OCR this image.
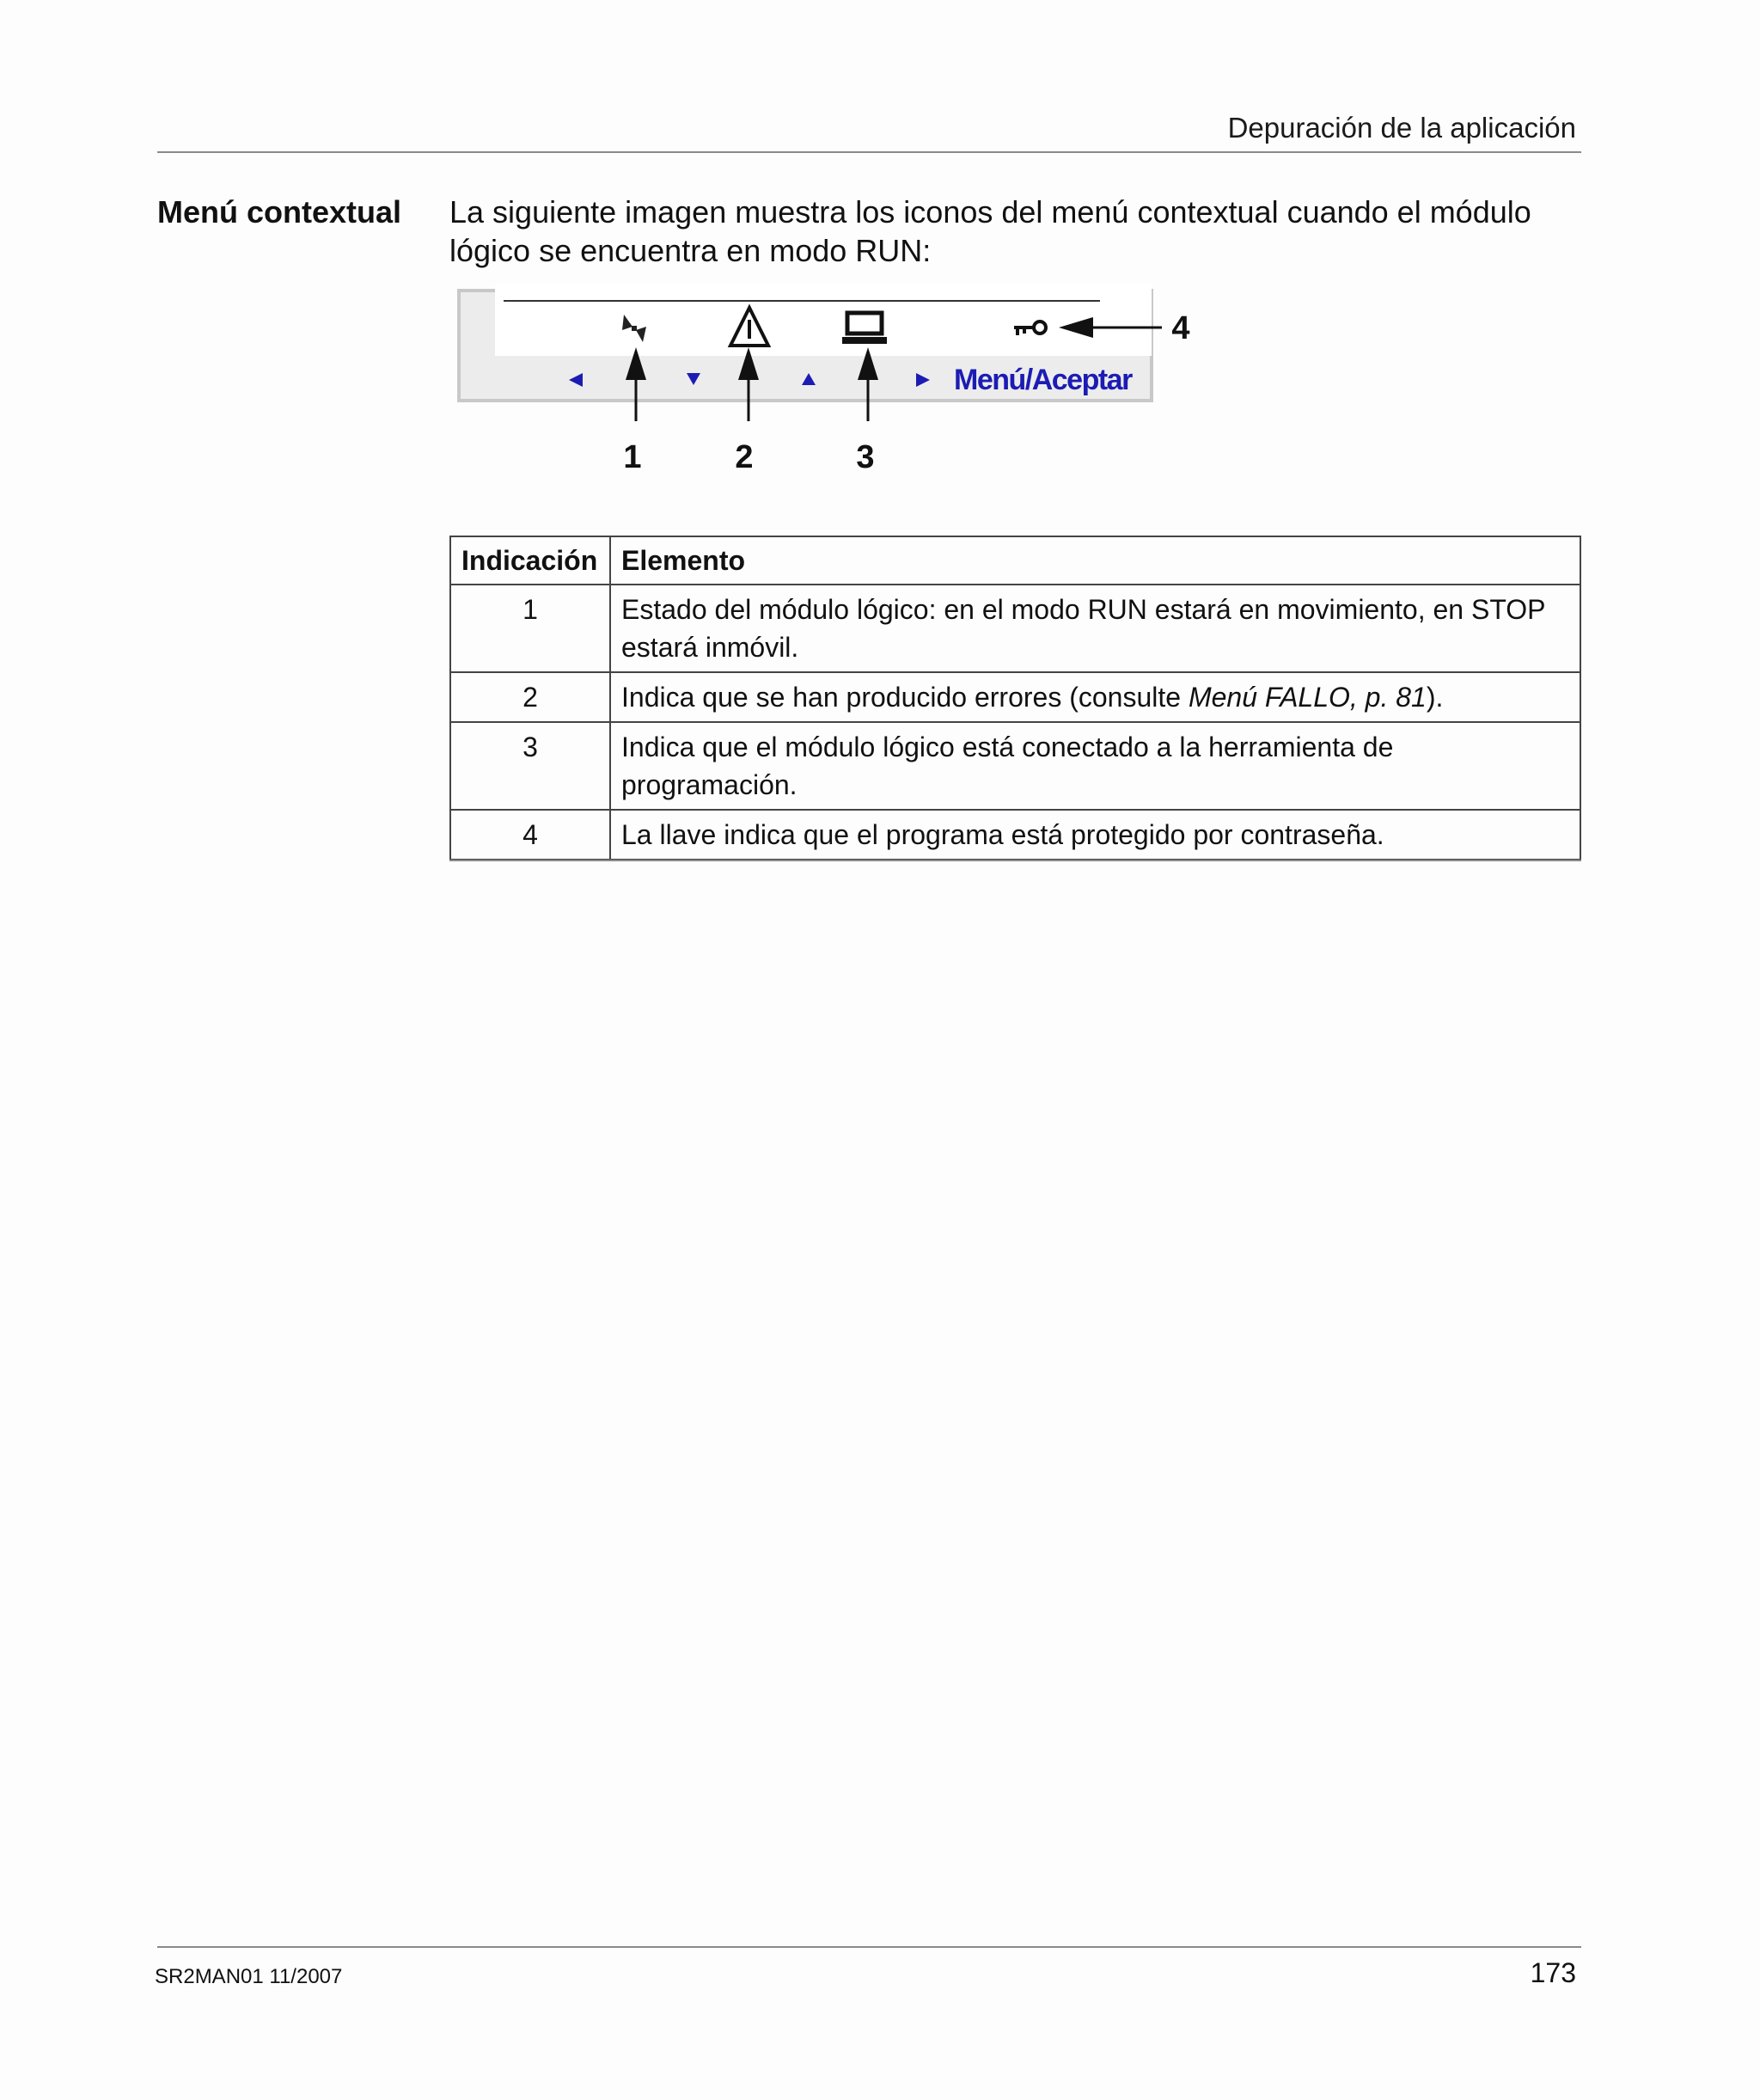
Depuración de la aplicación
Menú contextual La siguiente imagen muestra los iconos del menú contextual cuando el módulo lógico se encuentra en modo RUN:
Menú/Aceptar
1	2	3
4
Indicación	Elemento
1	Estado del módulo lógico: en el modo RUN estará en movimiento, en STOP estará inmóvil.
2	Indica que se han producido errores (consulte Menú FALLO, p. 81).
3	Indica que el módulo lógico está conectado a la herramienta de programación.
4	La llave indica que el programa está protegido por contraseña.
SR2MAN01 11/2007	173
